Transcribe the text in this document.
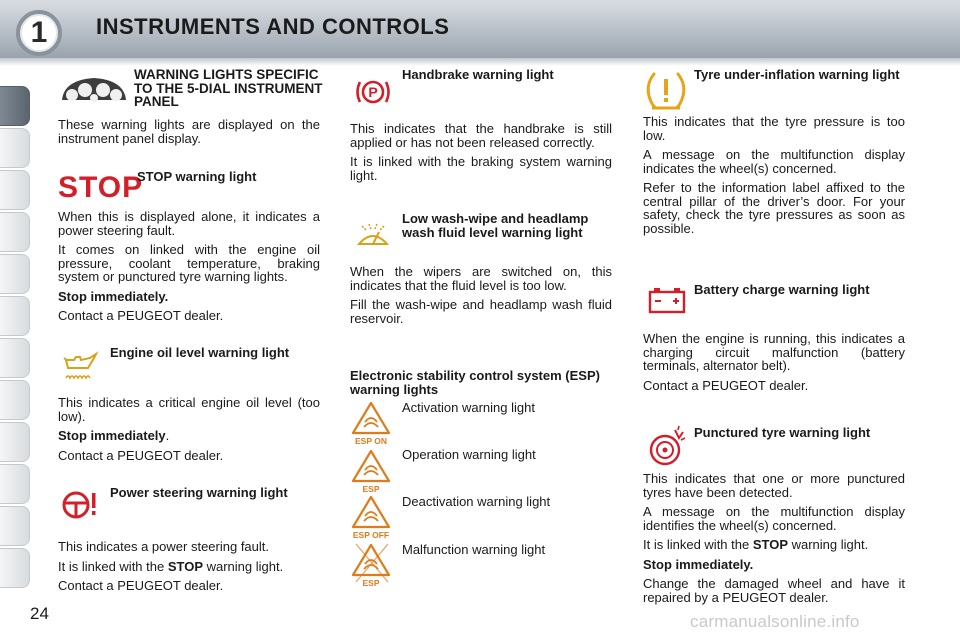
1	INSTRUMENTS AND CONTROLS
WARNING LIGHTS SPECIFIC TO THE 5-DIAL INSTRUMENT PANEL

These warning lights are displayed on the instrument panel display.

STOP
STOP warning light

When this is displayed alone, it indicates a power steering fault.

It comes on linked with the engine oil pressure, coolant temperature, braking system or punctured tyre warning lights.

Stop immediately.

Contact a PEUGEOT dealer.

Engine oil level warning light

This indicates a critical engine oil level (too low).

Stop immediately.

Contact a PEUGEOT dealer.

Power steering warning light

This indicates a power steering fault.

It is linked with the STOP warning light.

Contact a PEUGEOT dealer.

P
Handbrake warning light

This indicates that the handbrake is still applied or has not been released correctly.

It is linked with the braking system warning light.

Low wash-wipe and headlamp wash fluid level warning light

When the wipers are switched on, this indicates that the fluid level is too low.

Fill the wash-wipe and headlamp wash fluid reservoir.

Electronic stability control system (ESP) warning lights
ESP ON
Activation warning light
ESP
Operation warning light
ESP OFF
Deactivation warning light
ESP
Malfunction warning light
Tyre under-inflation warning light

This indicates that the tyre pressure is too low.

A message on the multifunction display indicates the wheel(s) concerned.

Refer to the information label affixed to the central pillar of the driver’s door. For your safety, check the tyre pressures as soon as possible.

Battery charge warning light

When the engine is running, this indicates a charging circuit malfunction (battery terminals, alternator belt).

Contact a PEUGEOT dealer.

Punctured tyre warning light

This indicates that one or more punctured tyres have been detected.

A message on the multifunction display identifies the wheel(s) concerned.

It is linked with the STOP warning light.

Stop immediately.

Change the damaged wheel and have it repaired by a PEUGEOT dealer.

24	carmanualsonline.info
